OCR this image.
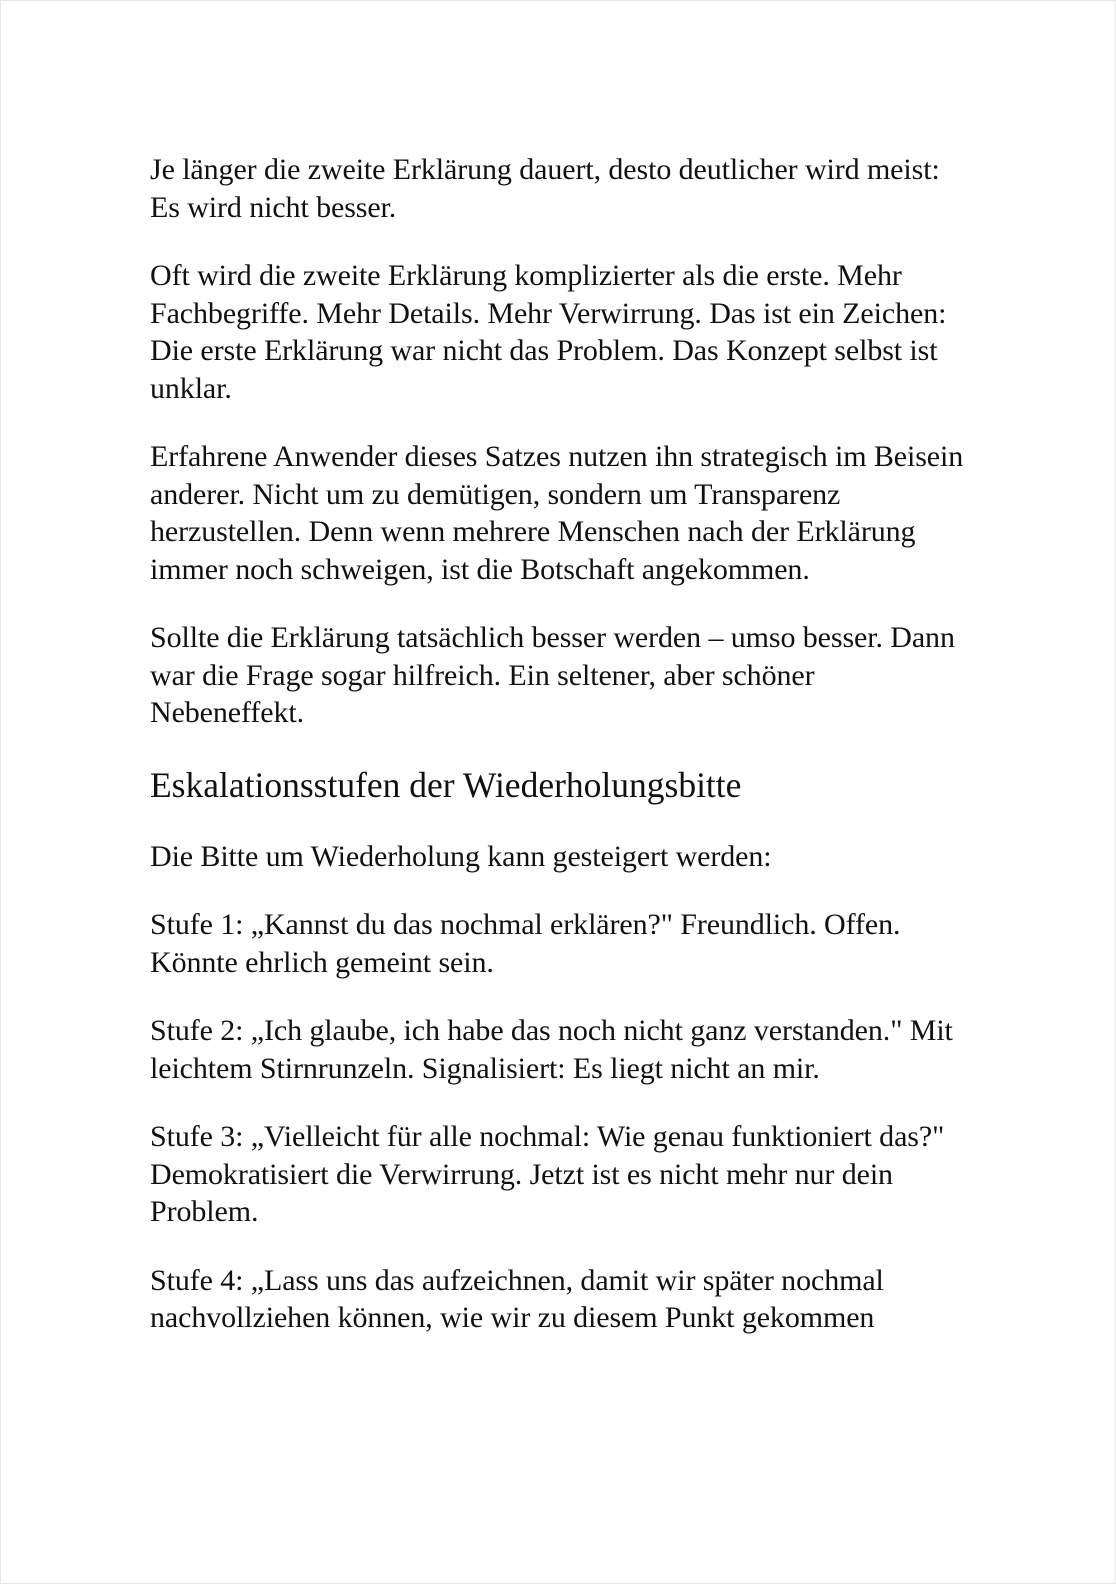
Je länger die zweite Erklärung dauert, desto deutlicher wird meist: Es wird nicht besser.

Oft wird die zweite Erklärung komplizierter als die erste. Mehr Fachbegriffe. Mehr Details. Mehr Verwirrung. Das ist ein Zeichen: Die erste Erklärung war nicht das Problem. Das Konzept selbst ist unklar.

Erfahrene Anwender dieses Satzes nutzen ihn strategisch im Beisein anderer. Nicht um zu demütigen, sondern um Transparenz herzustellen. Denn wenn mehrere Menschen nach der Erklärung immer noch schweigen, ist die Botschaft angekommen.

Sollte die Erklärung tatsächlich besser werden – umso besser. Dann war die Frage sogar hilfreich. Ein seltener, aber schöner Nebeneffekt.

Eskalationsstufen der Wiederholungsbitte

Die Bitte um Wiederholung kann gesteigert werden:

Stufe 1: „Kannst du das nochmal erklären?" Freundlich. Offen. Könnte ehrlich gemeint sein.

Stufe 2: „Ich glaube, ich habe das noch nicht ganz verstanden." Mit leichtem Stirnrunzeln. Signalisiert: Es liegt nicht an mir.

Stufe 3: „Vielleicht für alle nochmal: Wie genau funktioniert das?" Demokratisiert die Verwirrung. Jetzt ist es nicht mehr nur dein Problem.

Stufe 4: „Lass uns das aufzeichnen, damit wir später nochmal nachvollziehen können, wie wir zu diesem Punkt gekommen
